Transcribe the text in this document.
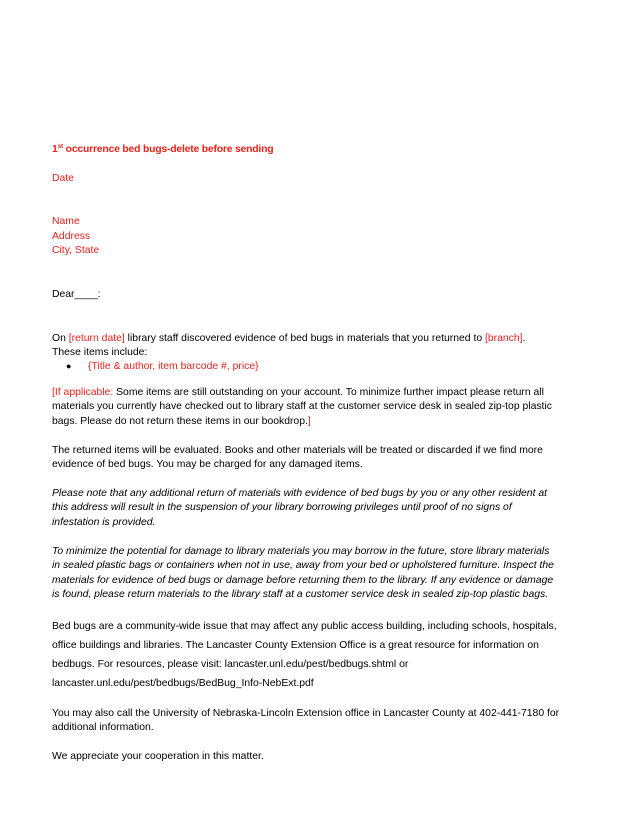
1st occurrence bed bugs-delete before sending

Date

Name

Address

City, State

Dear____:

On [return date] library staff discovered evidence of bed bugs in materials that you returned to [branch].

These items include:

●	{Title & author, item barcode #, price}

[If applicable: Some items are still outstanding on your account. To minimize further impact please return all

materials you currently have checked out to library staff at the customer service desk in sealed zip-top plastic

bags. Please do not return these items in our bookdrop.]

The returned items will be evaluated. Books and other materials will be treated or discarded if we find more

evidence of bed bugs. You may be charged for any damaged items.

Please note that any additional return of materials with evidence of bed bugs by you or any other resident at

this address will result in the suspension of your library borrowing privileges until proof of no signs of

infestation is provided.

To minimize the potential for damage to library materials you may borrow in the future, store library materials

in sealed plastic bags or containers when not in use, away from your bed or upholstered furniture. Inspect the

materials for evidence of bed bugs or damage before returning them to the library. If any evidence or damage

is found, please return materials to the library staff at a customer service desk in sealed zip-top plastic bags.

Bed bugs are a community-wide issue that may affect any public access building, including schools, hospitals,

office buildings and libraries. The Lancaster County Extension Office is a great resource for information on

bedbugs. For resources, please visit: lancaster.unl.edu/pest/bedbugs.shtml or

lancaster.unl.edu/pest/bedbugs/BedBug_Info-NebExt.pdf

You may also call the University of Nebraska-Lincoln Extension office in Lancaster County at 402-441-7180 for

additional information.

We appreciate your cooperation in this matter.
